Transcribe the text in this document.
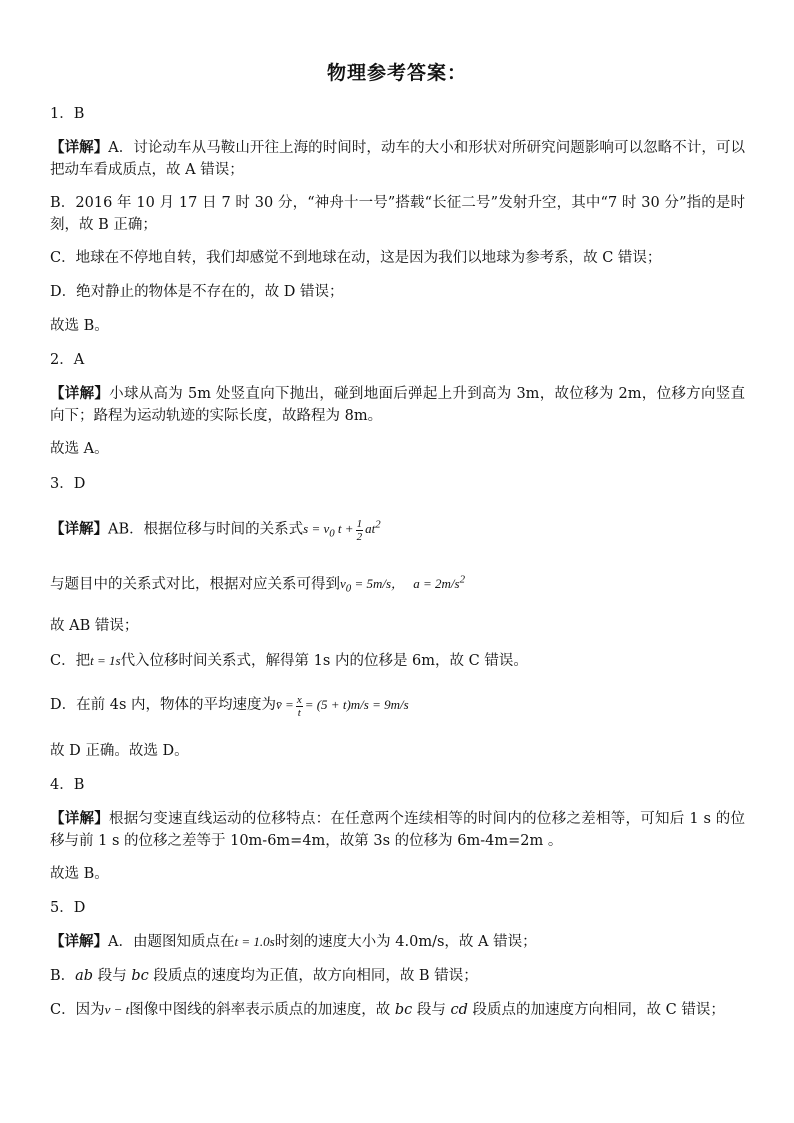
物理参考答案：
1．B
【详解】A．讨论动车从马鞍山开往上海的时间时，动车的大小和形状对所研究问题影响可以忽略不计，可以把动车看成质点，故 A 错误；
B．2016 年 10 月 17 日 7 时 30 分，“神舟十一号”搭载“长征二号”发射升空，其中“7 时 30 分”指的是时刻，故 B 正确；
C．地球在不停地自转，我们却感觉不到地球在动，这是因为我们以地球为参考系，故 C 错误；
D．绝对静止的物体是不存在的，故 D 错误；
故选 B。
2．A
【详解】小球从高为 5m 处竖直向下抛出，碰到地面后弹起上升到高为 3m，故位移为 2m，位移方向竖直向下；路程为运动轨迹的实际长度，故路程为 8m。
故选 A。
3．D
【详解】AB．根据位移与时间的关系式$s = v_0$ $t + \frac{1}{2} at^2$
与题目中的关系式对比，根据对应关系可得到$v_0 = 5m/s$， $a = 2m/s^2$
故 AB 错误；
C．把t = 1s代入位移时间关系式，解得第 1s 内的位移是 6m，故 C 错误。
D．在前 4s 内，物体的平均速度为v̄ = $\frac{x}{t} = (5 + t)m/s = 9m/s$
故 D 正确。故选 D。
4．B
【详解】根据匀变速直线运动的位移特点：在任意两个连续相等的时间内的位移之差相等，可知后 1 s 的位移与前 1 s 的位移之差等于 10m-6m=4m，故第 3s 的位移为 6m-4m=2m 。
故选 B。
5．D
【详解】A．由题图知质点在t = 1.0s时刻的速度大小为 4.0m/s，故 A 错误；
B．ab 段与 bc 段质点的速度均为正值，故方向相同，故 B 错误；
C．因为v − t图像中图线的斜率表示质点的加速度，故 bc 段与 cd 段质点的加速度方向相同，故 C 错误；
